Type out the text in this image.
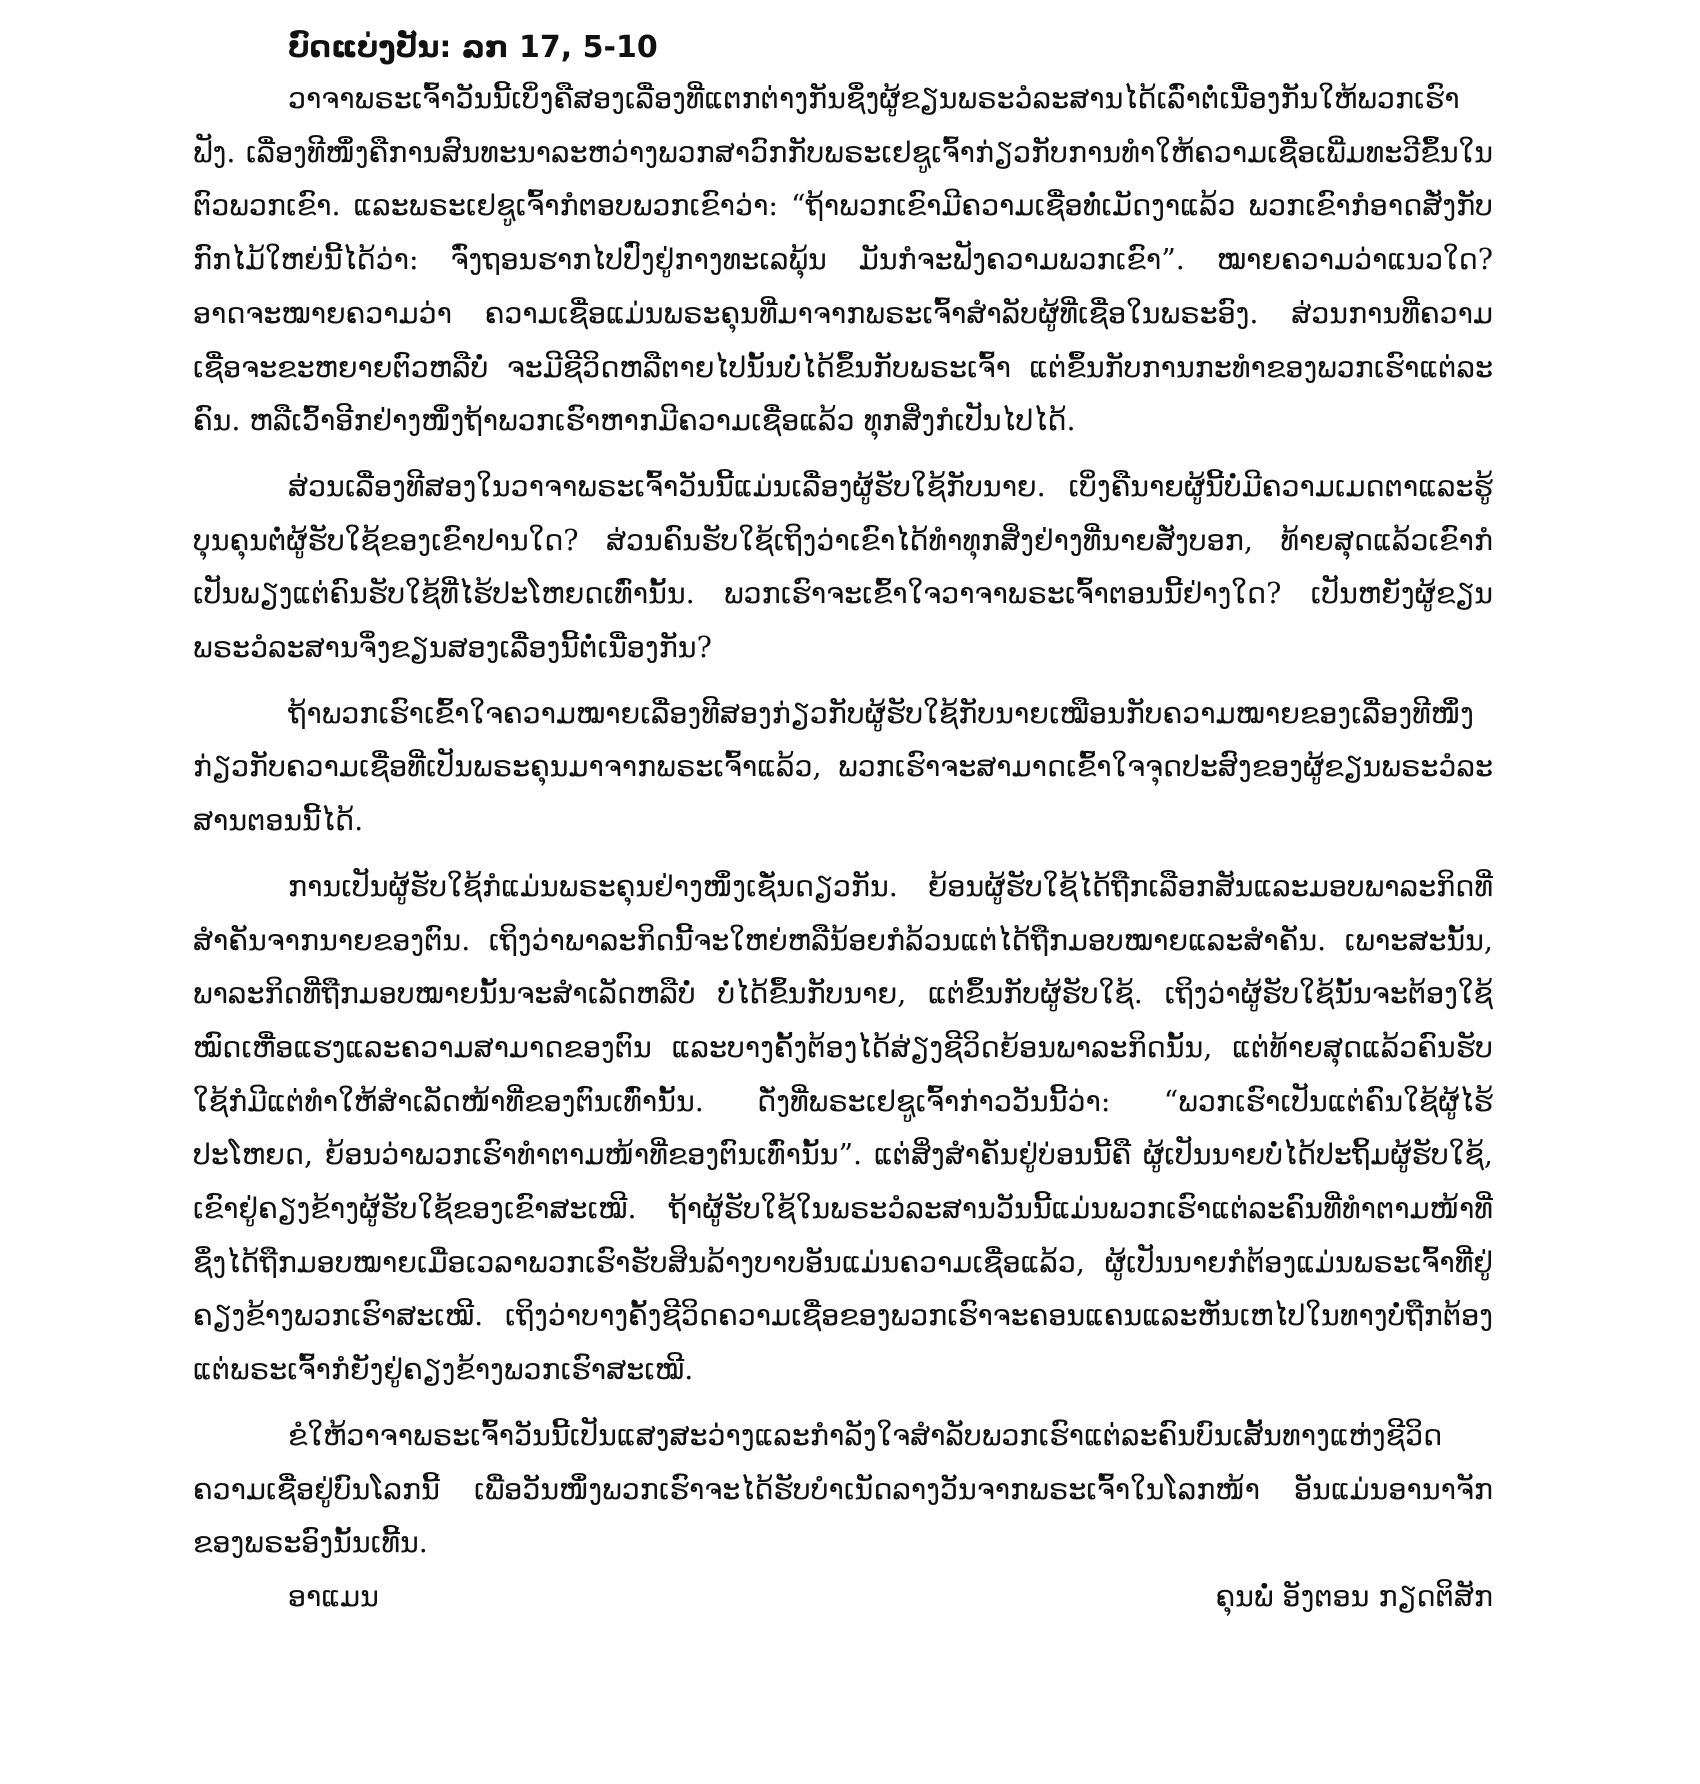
ບົດແບ່ງປັນ: ລກ 17, 5-10

ວາຈາພຣະເຈົ້າວັນນີ້ເບິ່ງຄືສອງເລື່ອງທີ່ແຕກຕ່າງກັນຊຶ່ງຜູ້ຂຽນພຣະວໍລະສານໄດ້ເລົ່າຕໍ່ເນື່ອງກັນໃຫ້ພວກເຮົາຟັງ. ເລື່ອງທີໜຶ່ງຄືການສົນທະນາລະຫວ່າງພວກສາວົກກັບພຣະເຢຊູເຈົ້າກ່ຽວກັບການທຳໃຫ້ຄວາມເຊື່ອເພີ່ມທະວີຂຶ້ນໃນຕົວພວກເຂົາ. ແລະພຣະເຢຊູເຈົ້າກໍຕອບພວກເຂົາວ່າ: “ຖ້າພວກເຂົາມີຄວາມເຊື່ອທໍ່ເມັດງາແລ້ວ ພວກເຂົາກໍອາດສັ່ງກັບກົກໄມ້ໃຫຍ່ນີ້ໄດ້ວ່າ: ຈົ່ງຖອນຮາກໄປປົ່ງຢູ່ກາງທະເລພຸ້ນ ມັນກໍຈະຟັງຄວາມພວກເຂົາ”. ໝາຍຄວາມວ່າແນວໃດ? ອາດຈະໝາຍຄວາມວ່າ ຄວາມເຊື່ອແມ່ນພຣະຄຸນທີ່ມາຈາກພຣະເຈົ້າສຳລັບຜູ້ທີ່ເຊື່ອໃນພຣະອົງ. ສ່ວນການທີ່ຄວາມເຊື່ອຈະຂະຫຍາຍຕົວຫລືບໍ່ ຈະມີຊີວິດຫລືຕາຍໄປນັ້ນບໍ່ໄດ້ຂຶ້ນກັບພຣະເຈົ້າ ແຕ່ຂຶ້ນກັບການກະທຳຂອງພວກເຮົາແຕ່ລະຄົນ. ຫລືເວົ້າອີກຢ່າງໜຶ່ງຖ້າພວກເຮົາຫາກມີຄວາມເຊື່ອແລ້ວ ທຸກສິ່ງກໍເປັນໄປໄດ້.

ສ່ວນເລື່ອງທີສອງໃນວາຈາພຣະເຈົ້າວັນນີ້ແມ່ນເລື່ອງຜູ້ຮັບໃຊ້ກັບນາຍ. ເບິ່ງຄືນາຍຜູ້ນີ້ບໍ່ມີຄວາມເມດຕາແລະຮູ້ບຸນຄຸນຕໍ່ຜູ້ຮັບໃຊ້ຂອງເຂົາປານໃດ? ສ່ວນຄົນຮັບໃຊ້ເຖິງວ່າເຂົາໄດ້ທຳທຸກສິ່ງຢ່າງທີ່ນາຍສັ່ງບອກ, ທ້າຍສຸດແລ້ວເຂົາກໍເປັນພຽງແຕ່ຄົນຮັບໃຊ້ທີ່ໄຮ້ປະໂຫຍດເທົ່ານັ້ນ. ພວກເຮົາຈະເຂົ້າໃຈວາຈາພຣະເຈົ້າຕອນນີ້ຢ່າງໃດ? ເປັນຫຍັງຜູ້ຂຽນພຣະວໍລະສານຈຶ່ງຂຽນສອງເລື່ອງນີ້ຕໍ່ເນື່ອງກັນ?

ຖ້າພວກເຮົາເຂົ້າໃຈຄວາມໝາຍເລື່ອງທີສອງກ່ຽວກັບຜູ້ຮັບໃຊ້ກັບນາຍເໝືອນກັບຄວາມໝາຍຂອງເລື່ອງທີໜຶ່ງກ່ຽວກັບຄວາມເຊື່ອທີ່ເປັນພຣະຄຸນມາຈາກພຣະເຈົ້າແລ້ວ, ພວກເຮົາຈະສາມາດເຂົ້າໃຈຈຸດປະສົງຂອງຜູ້ຂຽນພຣະວໍລະສານຕອນນີ້ໄດ້.

ການເປັນຜູ້ຮັບໃຊ້ກໍແມ່ນພຣະຄຸນຢ່າງໜຶ່ງເຊັ່ນດຽວກັນ. ຍ້ອນຜູ້ຮັບໃຊ້ໄດ້ຖືກເລືອກສັນແລະມອບພາລະກິດທີ່ສຳຄັນຈາກນາຍຂອງຕົນ. ເຖິງວ່າພາລະກິດນີ້ຈະໃຫຍ່ຫລືນ້ອຍກໍລ້ວນແຕ່ໄດ້ຖືກມອບໝາຍແລະສຳຄັນ. ເພາະສະນັ້ນ, ພາລະກິດທີ່ຖືກມອບໝາຍນັ້ນຈະສຳເລັດຫລືບໍ່ ບໍ່ໄດ້ຂຶ້ນກັບນາຍ, ແຕ່ຂຶ້ນກັບຜູ້ຮັບໃຊ້. ເຖິງວ່າຜູ້ຮັບໃຊ້ນັ້ນຈະຕ້ອງໃຊ້ໝົດເຫື່ອແຮງແລະຄວາມສາມາດຂອງຕົນ ແລະບາງຄັ້ງຕ້ອງໄດ້ສ່ຽງຊີວິດຍ້ອນພາລະກິດນັ້ນ, ແຕ່ທ້າຍສຸດແລ້ວຄົນຮັບໃຊ້ກໍມີແຕ່ທຳໃຫ້ສຳເລັດໜ້າທີ່ຂອງຕົນເທົ່ານັ້ນ. ດັ່ງທີ່ພຣະເຢຊູເຈົ້າກ່າວວັນນີ້ວ່າ: “ພວກເຮົາເປັນແຕ່ຄົນໃຊ້ຜູ້ໄຮ້ປະໂຫຍດ, ຍ້ອນວ່າພວກເຮົາທຳຕາມໜ້າທີ່ຂອງຕົນເທົ່ານັ້ນ”. ແຕ່ສິ່ງສຳຄັນຢູ່ບ່ອນນີ້ຄື ຜູ້ເປັນນາຍບໍ່ໄດ້ປະຖິ້ມຜູ້ຮັບໃຊ້, ເຂົາຢູ່ຄຽງຂ້າງຜູ້ຮັບໃຊ້ຂອງເຂົາສະເໝີ. ຖ້າຜູ້ຮັບໃຊ້ໃນພຣະວໍລະສານວັນນີ້ແມ່ນພວກເຮົາແຕ່ລະຄົນທີ່ທຳຕາມໜ້າທີ່ຊຶ່ງໄດ້ຖືກມອບໝາຍເມື່ອເວລາພວກເຮົາຮັບສິນລ້າງບາບອັນແມ່ນຄວາມເຊື່ອແລ້ວ, ຜູ້ເປັນນາຍກໍຕ້ອງແມ່ນພຣະເຈົ້າທີ່ຢູ່ຄຽງຂ້າງພວກເຮົາສະເໝີ. ເຖິງວ່າບາງຄັ້ງຊີວິດຄວາມເຊື່ອຂອງພວກເຮົາຈະຄອນແຄນແລະຫັນເຫໄປໃນທາງບໍ່ຖືກຕ້ອງ ແຕ່ພຣະເຈົ້າກໍຍັງຢູ່ຄຽງຂ້າງພວກເຮົາສະເໝີ.

ຂໍໃຫ້ວາຈາພຣະເຈົ້າວັນນີ້ເປັນແສງສະວ່າງແລະກຳລັງໃຈສຳລັບພວກເຮົາແຕ່ລະຄົນບົນເສັ້ນທາງແຫ່ງຊີວິດຄວາມເຊື່ອຢູ່ບົນໂລກນີ້ ເພື່ອວັນໜຶ່ງພວກເຮົາຈະໄດ້ຮັບບຳເນັດລາງວັນຈາກພຣະເຈົ້າໃນໂລກໜ້າ ອັນແມ່ນອານາຈັກຂອງພຣະອົງນັ້ນເທີ້ນ.
ອາແມນ	ຄຸນພໍ່ ອັງຕອນ ກຽດຕິສັກ
